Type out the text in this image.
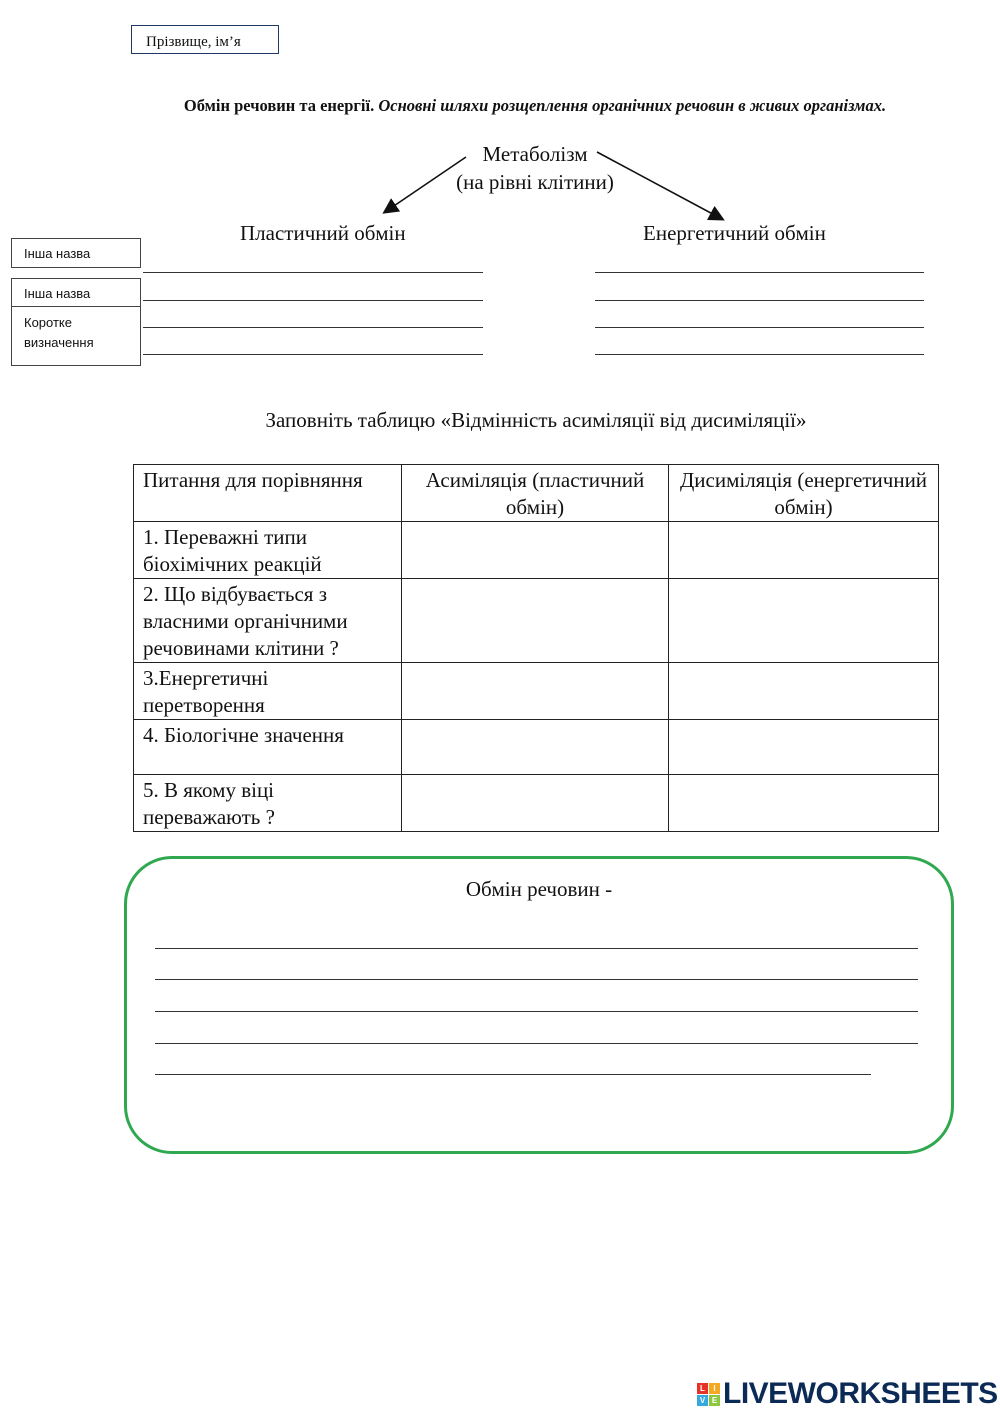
Прізвище, ім’я
Обмін речовин та енергії. Основні шляхи розщеплення органічних речовин в живих організмах.
Метаболізм
(на рівні клітини)
Пластичний обмін	Енергетичний обмін
Інша назва
Інша назва
Коротке визначення
Заповніть таблицю «Відмінність асиміляції від дисиміляції»
Питання для порівняння	Асиміляція (пластичний обмін)	Дисиміляція (енергетичний обмін)
1. Переважні типи біохімічних реакцій		
2. Що відбувається з власними органічними речовинами клітини ?		
3.Енергетичні перетворення		
4. Біологічне значення		
5. В якому віці переважають ?		
Обмін речовин -
L	I
V E LIVEWORKSHEETS
